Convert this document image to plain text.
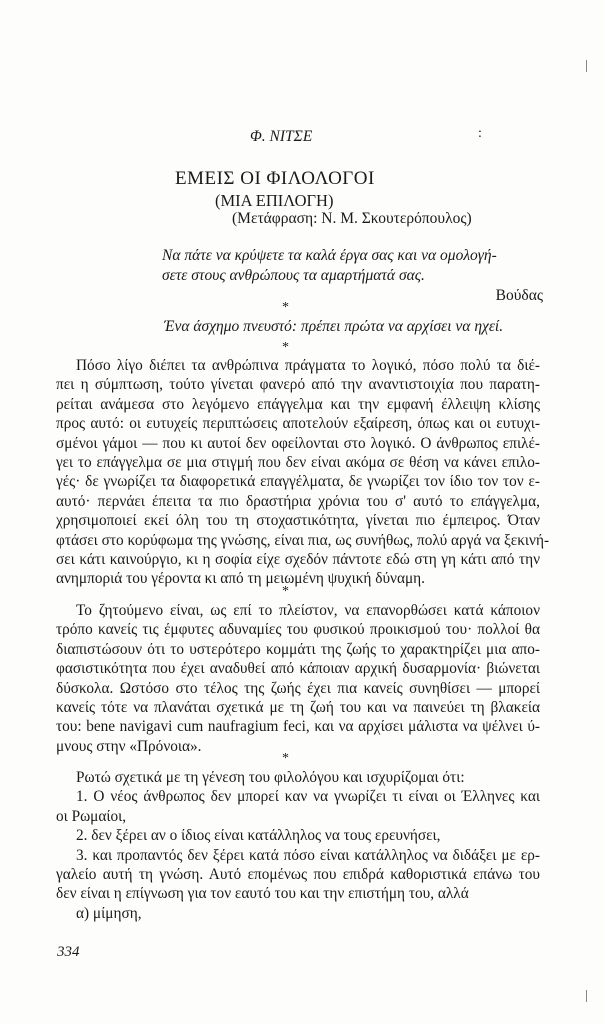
Φ. ΝΙΤΣΕ	:
ΕΜΕΙΣ ΟΙ ΦΙΛΟΛΟΓΟΙ
(ΜΙΑ ΕΠΙΛΟΓΗ)
(Μετάφραση: Ν. Μ. Σκουτερόπουλος)
Να πάτε να κρύψετε τα καλά έργα σας και να ομολογή-
σετε στους ανθρώπους τα αμαρτήματά σας.
Βούδας
*
Ένα άσχημο πνευστό: πρέπει πρώτα να αρχίσει να ηχεί.
*
Πόσο λίγο διέπει τα ανθρώπινα πράγματα το λογικό, πόσο πολύ τα διέ-
πει η σύμπτωση, τούτο γίνεται φανερό από την αναντιστοιχία που παρατη-
ρείται ανάμεσα στο λεγόμενο επάγγελμα και την εμφανή έλλειψη κλίσης
προς αυτό: οι ευτυχείς περιπτώσεις αποτελούν εξαίρεση, όπως και οι ευτυχι-
σμένοι γάμοι — που κι αυτοί δεν οφείλονται στο λογικό. Ο άνθρωπος επιλέ-
γει το επάγγελμα σε μια στιγμή που δεν είναι ακόμα σε θέση να κάνει επιλο-
γές· δε γνωρίζει τα διαφορετικά επαγγέλματα, δε γνωρίζει τον ίδιο τον τον ε-
αυτό· περνάει έπειτα τα πιο δραστήρια χρόνια του σ' αυτό το επάγγελμα,
χρησιμοποιεί εκεί όλη του τη στοχαστικότητα, γίνεται πιο έμπειρος. Όταν
φτάσει στο κορύφωμα της γνώσης, είναι πια, ως συνήθως, πολύ αργά να ξεκινή-
σει κάτι καινούργιο, κι η σοφία είχε σχεδόν πάντοτε εδώ στη γη κάτι από την
ανημποριά του γέροντα κι από τη μειωμένη ψυχική δύναμη.
*
Το ζητούμενο είναι, ως επί το πλείστον, να επανορθώσει κατά κάποιον
τρόπο κανείς τις έμφυτες αδυναμίες του φυσικού προικισμού του· πολλοί θα
διαπιστώσουν ότι το υστερότερο κομμάτι της ζωής το χαρακτηρίζει μια απο-
φασιστικότητα που έχει αναδυθεί από κάποιαν αρχική δυσαρμονία· βιώνεται
δύσκολα. Ωστόσο στο τέλος της ζωής έχει πια κανείς συνηθίσει — μπορεί
κανείς τότε να πλανάται σχετικά με τη ζωή του και να παινεύει τη βλακεία
του: bene navigavi cum naufragium feci, και να αρχίσει μάλιστα να ψέλνει ύ-
μνους στην «Πρόνοια».
*
Ρωτώ σχετικά με τη γένεση του φιλολόγου και ισχυρίζομαι ότι:
1. Ο νέος άνθρωπος δεν μπορεί καν να γνωρίζει τι είναι οι Έλληνες και
οι Ρωμαίοι,
2. δεν ξέρει αν ο ίδιος είναι κατάλληλος να τους ερευνήσει,
3. και προπαντός δεν ξέρει κατά πόσο είναι κατάλληλος να διδάξει με ερ-
γαλείο αυτή τη γνώση. Αυτό επομένως που επιδρά καθοριστικά επάνω του
δεν είναι η επίγνωση για τον εαυτό του και την επιστήμη του, αλλά
α) μίμηση,
334
